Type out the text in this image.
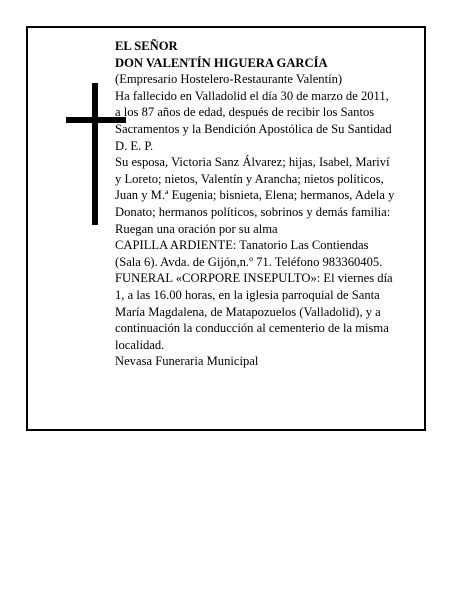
EL SEÑOR
DON VALENTÍN HIGUERA GARCÍA
(Empresario Hostelero-Restaurante Valentín)
Ha fallecido en Valladolid el día 30 de marzo de 2011,
a los 87 años de edad, después de recibir los Santos
Sacramentos y la Bendición Apostólica de Su Santidad
D. E. P.
Su esposa, Victoria Sanz Álvarez; hijas, Isabel, Mariví
y Loreto; nietos, Valentín y Arancha; nietos políticos,
Juan y M.ª Eugenia; bisnieta, Elena; hermanos, Adela y
Donato; hermanos políticos, sobrinos y demás familia:
Ruegan una oración por su alma
CAPILLA ARDIENTE: Tanatorio Las Contiendas
(Sala 6). Avda. de Gijón,n.º 71. Teléfono 983360405.
FUNERAL «CORPORE INSEPULTO»: El viernes día
1, a las 16.00 horas, en la iglesia parroquial de Santa
María Magdalena, de Matapozuelos (Valladolid), y a
continuación la conducción al cementerio de la misma
localidad.
Nevasa Funeraria Municipal
